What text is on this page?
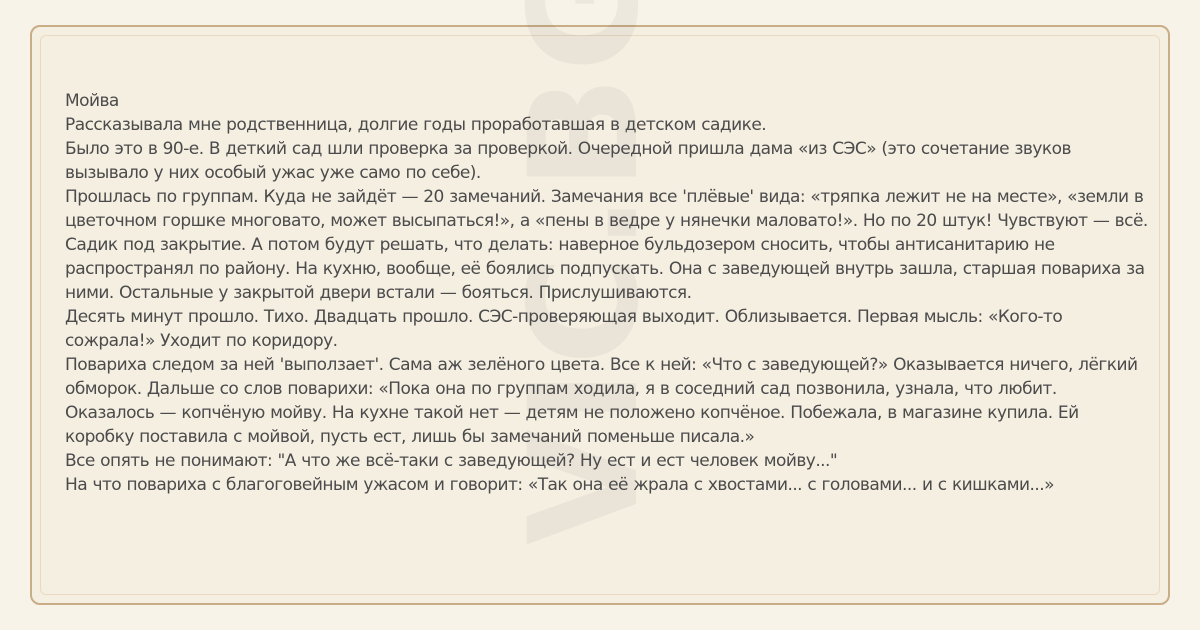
Мойва

Рассказывала мне родственница, долгие годы проработавшая в детском садике.

Было это в 90-е. В деткий сад шли проверка за проверкой. Очередной пришла дама «из СЭС» (это сочетание звуков вызывало у них особый ужас уже само по себе).

Прошлась по группам. Куда не зайдёт — 20 замечаний. Замечания все 'плёвые' вида: «тряпка лежит не на месте», «земли в цветочном горшке многовато, может высыпаться!», а «пены в ведре у нянечки маловато!». Но по 20 штук! Чувствуют — всё. Садик под закрытие. А потом будут решать, что делать: наверное бульдозером сносить, чтобы антисанитарию не распространял по району. На кухню, вообще, её боялись подпускать. Она с заведующей внутрь зашла, старшая повариха за ними. Остальные у закрытой двери встали — бояться. Прислушиваются.

Десять минут прошло. Тихо. Двадцать прошло. СЭС-проверяющая выходит. Облизывается. Первая мысль: «Кого-то сожрала!» Уходит по коридору.

Повариха следом за ней 'выползает'. Сама аж зелёного цвета. Все к ней: «Что с заведующей?» Оказывается ничего, лёгкий обморок. Дальше со слов поварихи: «Пока она по группам ходила, я в соседний сад позвонила, узнала, что любит. Оказалось — копчёную мойву. На кухне такой нет — детям не положено копчёное. Побежала, в магазине купила. Ей коробку поставила с мойвой, пусть ест, лишь бы замечаний поменьше писала.»

Все опять не понимают: "А что же всё-таки с заведующей? Ну ест и ест человек мойву..."

На что повариха с благоговейным ужасом и говорит: «Так она её жрала с хвостами... с головами... и с кишками...»
